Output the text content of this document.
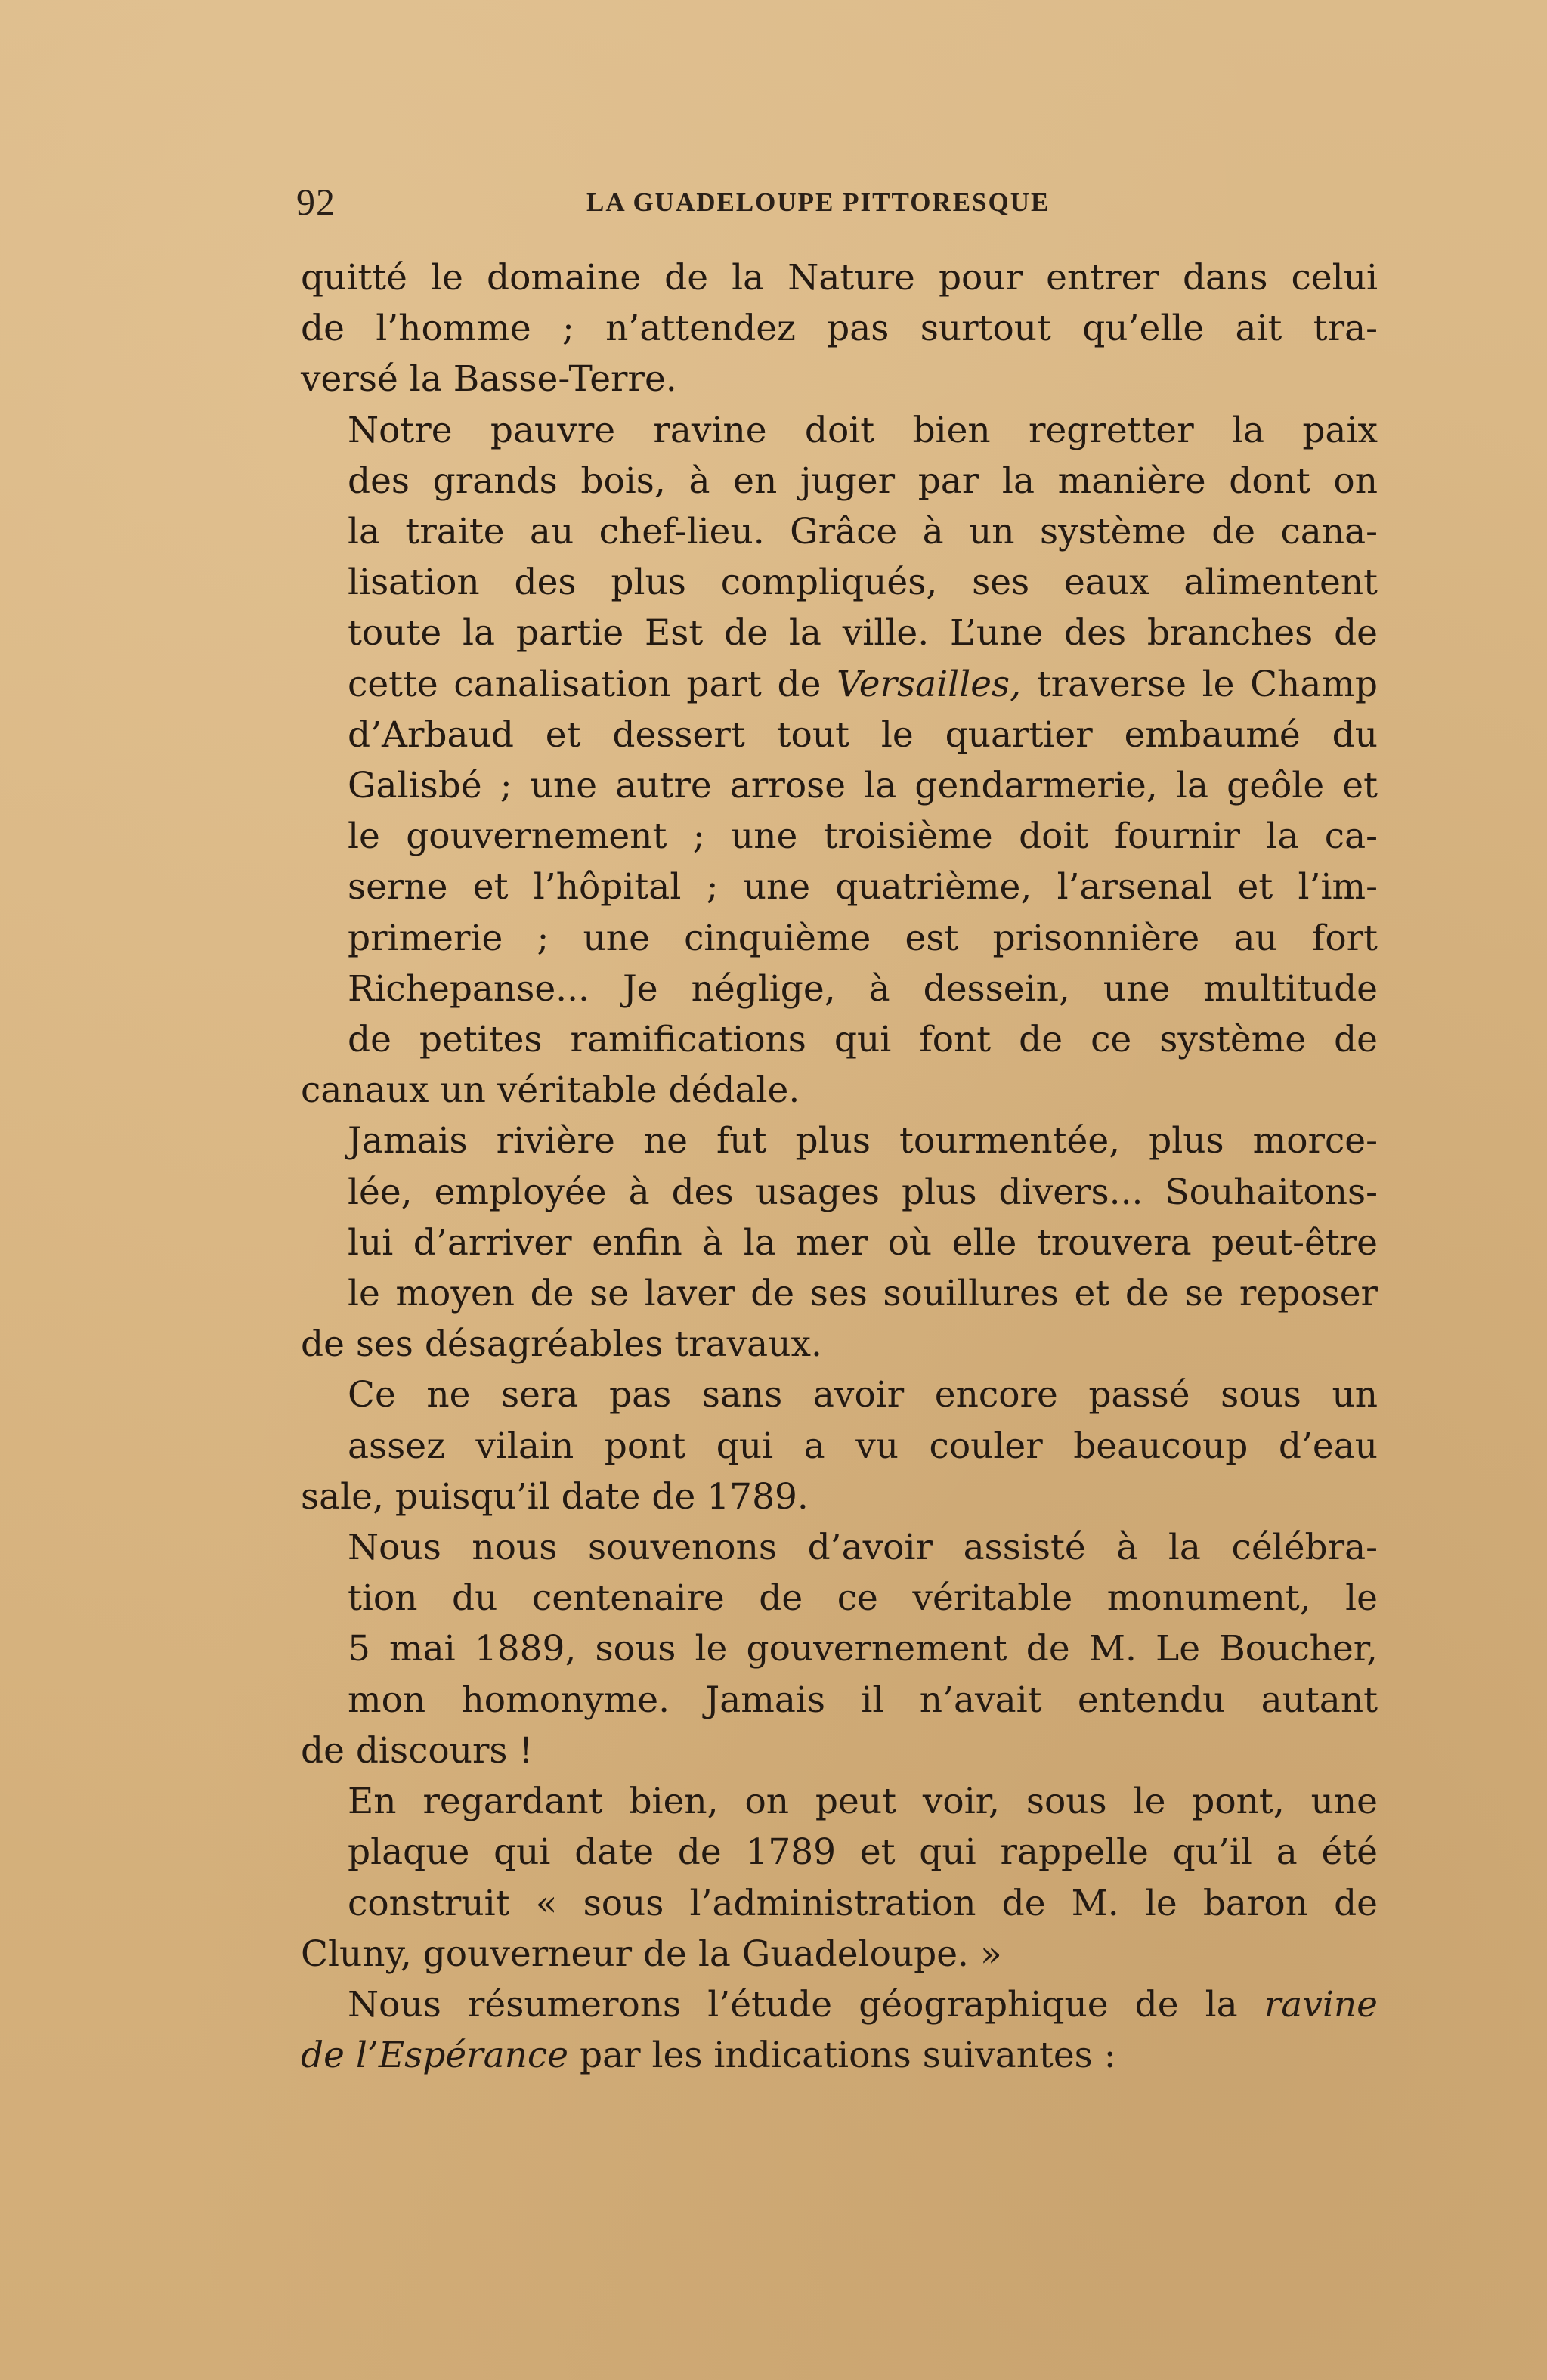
92	LA GUADELOUPE PITTORESQUE

quitté le domaine de la Nature pour entrer dans celui
de l’homme ; n’attendez pas surtout qu’elle ait tra-
versé la Basse-Terre.

Notre pauvre ravine doit bien regretter la paix
des grands bois, à en juger par la manière dont on
la traite au chef-lieu. Grâce à un système de cana-
lisation des plus compliqués, ses eaux alimentent
toute la partie Est de la ville. L’une des branches de
cette canalisation part de Versailles, traverse le Champ
d’Arbaud et dessert tout le quartier embaumé du
Galisbé ; une autre arrose la gendarmerie, la geôle et
le gouvernement ; une troisième doit fournir la ca-
serne et l’hôpital ; une quatrième, l’arsenal et l’im-
primerie ; une cinquième est prisonnière au fort
Richepanse... Je néglige, à dessein, une multitude
de petites ramifications qui font de ce système de
canaux un véritable dédale.

Jamais rivière ne fut plus tourmentée, plus morce-
lée, employée à des usages plus divers... Souhaitons-
lui d’arriver enfin à la mer où elle trouvera peut-être
le moyen de se laver de ses souillures et de se reposer
de ses désagréables travaux.

Ce ne sera pas sans avoir encore passé sous un
assez vilain pont qui a vu couler beaucoup d’eau
sale, puisqu’il date de 1789.

Nous nous souvenons d’avoir assisté à la célébra-
tion du centenaire de ce véritable monument, le
5 mai 1889, sous le gouvernement de M. Le Boucher,
mon homonyme. Jamais il n’avait entendu autant
de discours !

En regardant bien, on peut voir, sous le pont, une
plaque qui date de 1789 et qui rappelle qu’il a été
construit « sous l’administration de M. le baron de
Cluny, gouverneur de la Guadeloupe. »

Nous résumerons l’étude géographique de la ravine
de l’Espérance par les indications suivantes :
